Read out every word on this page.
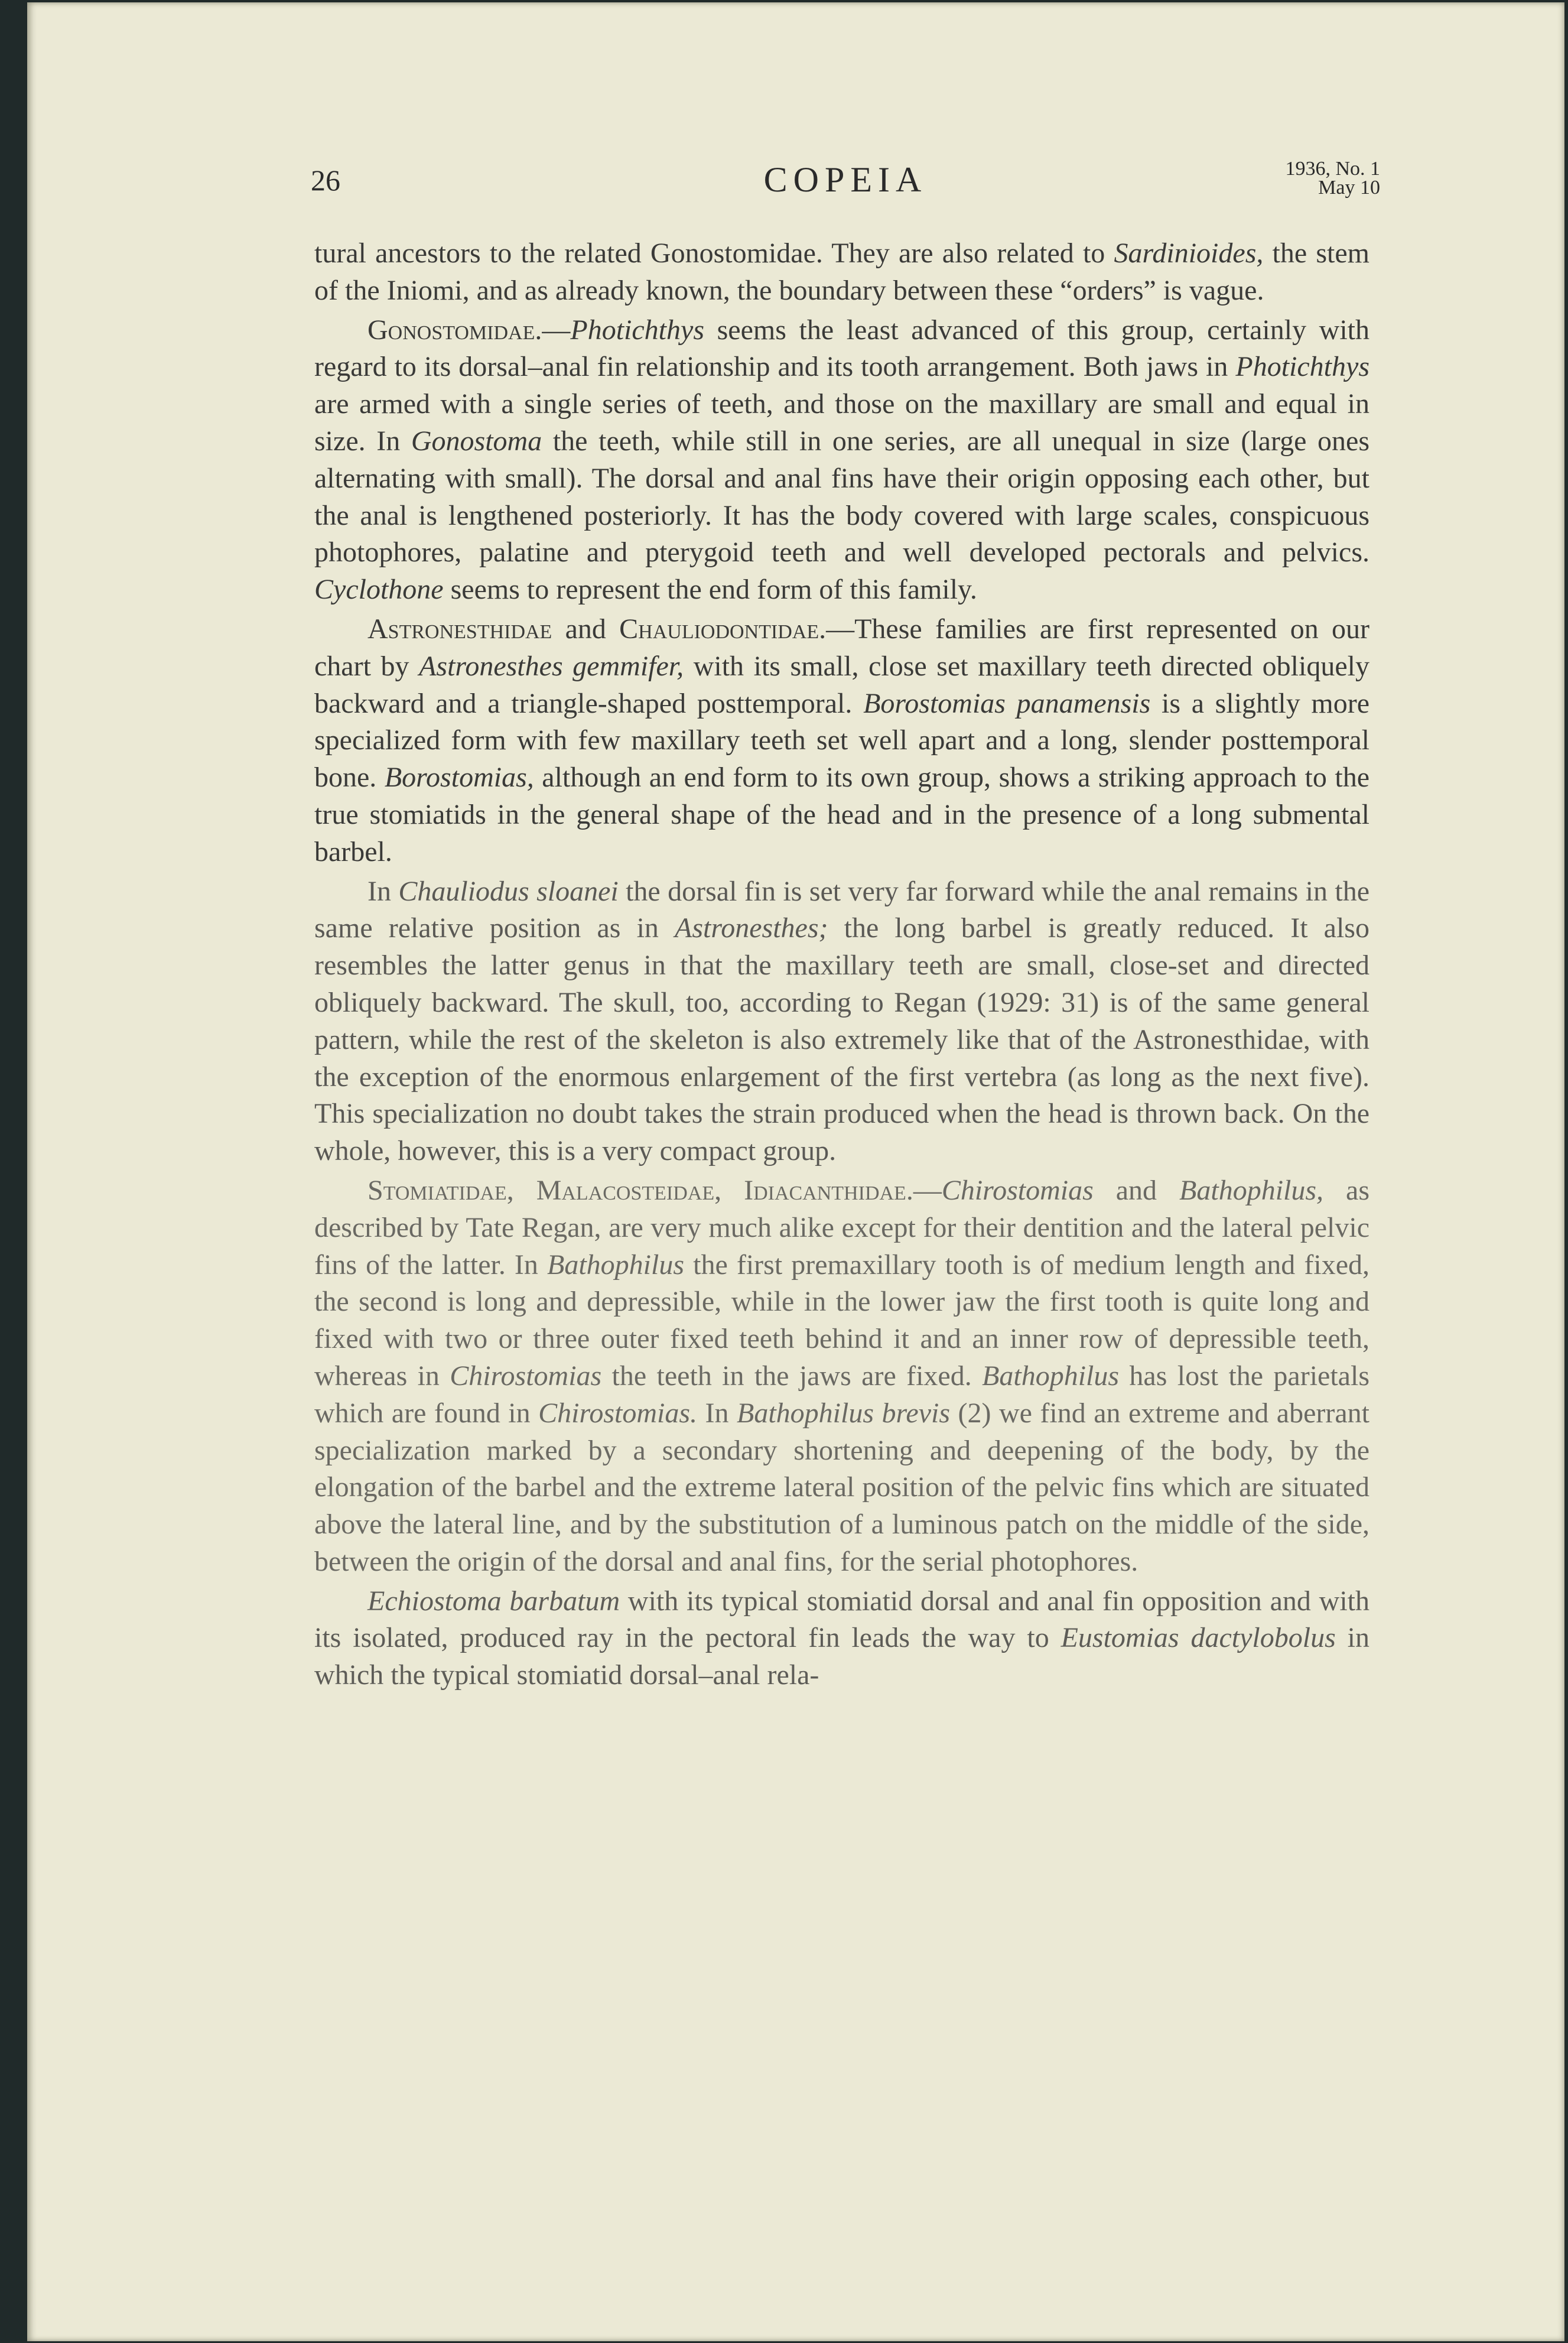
26	COPEIA	1936, No. 1
May 10

tural ancestors to the related Gonostomidae. They are also related to Sardinioides, the stem of the Iniomi, and as already known, the boundary between these “orders” is vague.

Gonostomidae.—Photichthys seems the least advanced of this group, certainly with regard to its dorsal–anal fin relationship and its tooth arrangement. Both jaws in Photichthys are armed with a single series of teeth, and those on the maxillary are small and equal in size. In Gonostoma the teeth, while still in one series, are all unequal in size (large ones alternating with small). The dorsal and anal fins have their origin opposing each other, but the anal is lengthened posteriorly. It has the body covered with large scales, conspicuous photophores, palatine and pterygoid teeth and well developed pectorals and pelvics. Cyclothone seems to represent the end form of this family.

Astronesthidae and Chauliodontidae.—These families are first represented on our chart by Astronesthes gemmifer, with its small, close set maxillary teeth directed obliquely backward and a triangle-shaped posttemporal. Borostomias panamensis is a slightly more specialized form with few maxillary teeth set well apart and a long, slender posttemporal bone. Borostomias, although an end form to its own group, shows a striking approach to the true stomiatids in the general shape of the head and in the presence of a long submental barbel.

In Chauliodus sloanei the dorsal fin is set very far forward while the anal remains in the same relative position as in Astronesthes; the long barbel is greatly reduced. It also resembles the latter genus in that the maxillary teeth are small, close-set and directed obliquely backward. The skull, too, according to Regan (1929: 31) is of the same general pattern, while the rest of the skeleton is also extremely like that of the Astronesthidae, with the exception of the enormous enlargement of the first vertebra (as long as the next five). This specialization no doubt takes the strain produced when the head is thrown back. On the whole, however, this is a very compact group.

Stomiatidae, Malacosteidae, Idiacanthidae.—Chirostomias and Bathophilus, as described by Tate Regan, are very much alike except for their dentition and the lateral pelvic fins of the latter. In Bathophilus the first premaxillary tooth is of medium length and fixed, the second is long and depressible, while in the lower jaw the first tooth is quite long and fixed with two or three outer fixed teeth behind it and an inner row of depressible teeth, whereas in Chirostomias the teeth in the jaws are fixed. Bathophilus has lost the parietals which are found in Chirostomias. In Bathophilus brevis (2) we find an extreme and aberrant specialization marked by a secondary shortening and deepening of the body, by the elongation of the barbel and the extreme lateral position of the pelvic fins which are situated above the lateral line, and by the substitution of a luminous patch on the middle of the side, between the origin of the dorsal and anal fins, for the serial photophores.

Echiostoma barbatum with its typical stomiatid dorsal and anal fin opposition and with its isolated, produced ray in the pectoral fin leads the way to Eustomias dactylobolus in which the typical stomiatid dorsal–anal rela-
